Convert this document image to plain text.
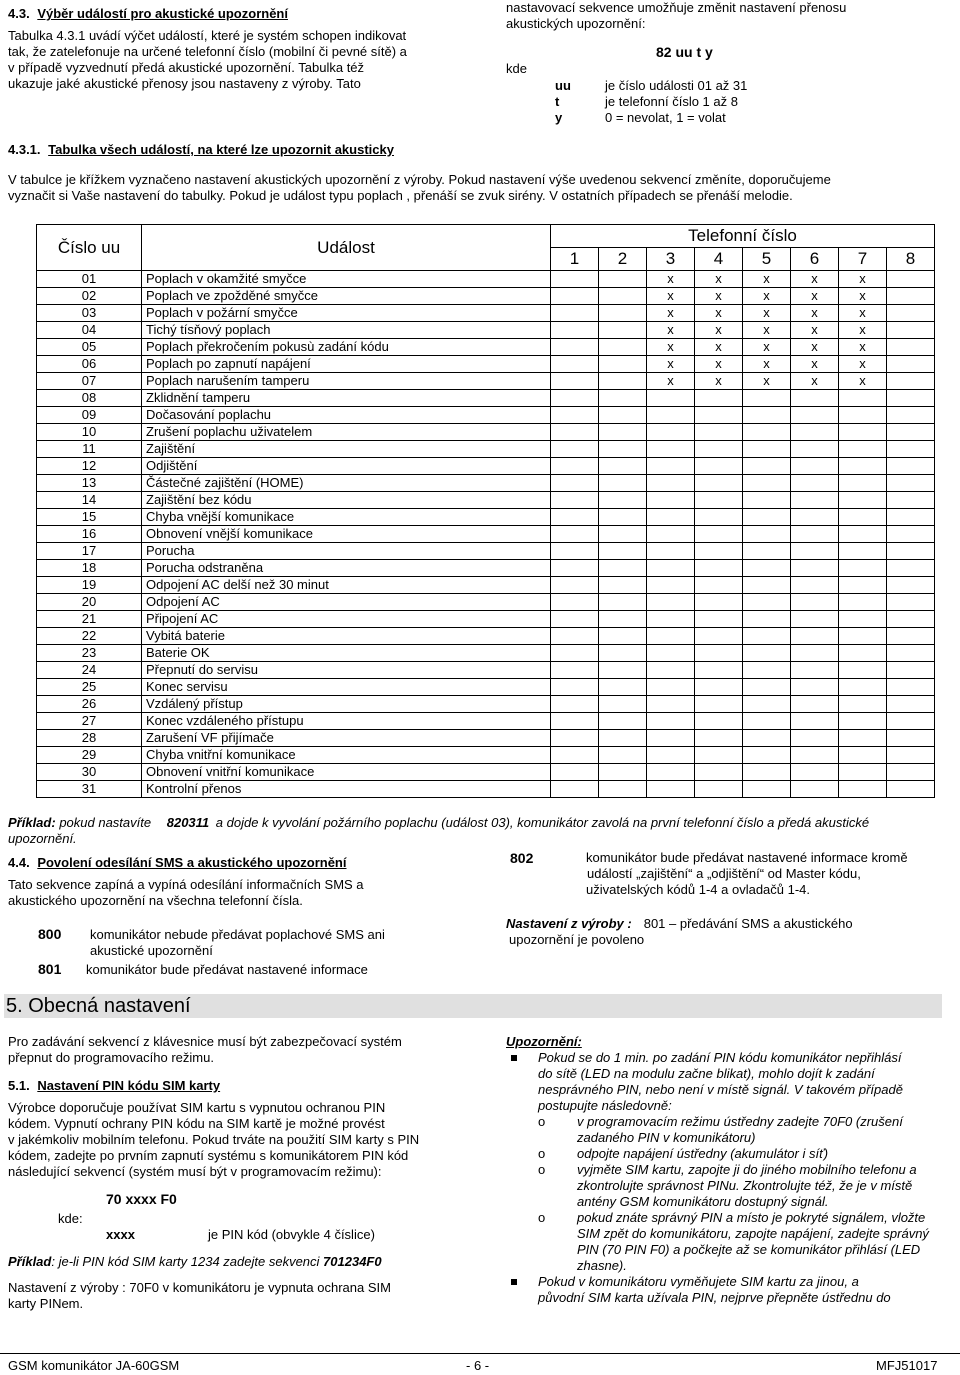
4.3. Výběr událostí pro akustické upozornění

Tabulka 4.3.1 uvádí výčet událostí, které je systém schopen indikovat

tak, že zatelefonuje na určené telefonní číslo (mobilní či pevné sítě) a

v případě vyzvednutí předá akustické upozornění. Tabulka též

ukazuje jaké akustické přenosy jsou nastaveny z výroby. Tato

nastavovací sekvence umožňuje změnit nastavení přenosu

akustických upozornění:

82 uu t y
kde
uu	je číslo události 01 až 31
t	je telefonní číslo 1 až 8
y	0 = nevolat, 1 = volat
4.3.1. Tabulka všech událostí, na které lze upozornit akusticky

V tabulce je křížkem vyznačeno nastavení akustických upozornění z výroby. Pokud nastavení výše uvedenou sekvencí změníte, doporučujeme

vyznačit si Vaše nastavení do tabulky. Pokud je událost typu poplach , přenáší se zvuk sirény. V ostatních případech se přenáší melodie.

Číslo uu	Událost	Telefonní číslo							
		1	2	3	4	5	6	7	8
01	Poplach v okamžité smyčce			x	x	x	x	x	
02	Poplach ve zpožděné smyčce			x	x	x	x	x	
03	Poplach v požární smyčce			x	x	x	x	x	
04	Tichý tísňový poplach			x	x	x	x	x	
05	Poplach překročením pokusù zadání kódu			x	x	x	x	x	
06	Poplach po zapnutí napájení			x	x	x	x	x	
07	Poplach narušením tamperu			x	x	x	x	x	
08	Zklidnění tamperu								
09	Dočasování poplachu								
10	Zrušení poplachu uživatelem								
11	Zajištění								
12	Odjištění								
13	Částečné zajištění (HOME)								
14	Zajištění bez kódu								
15	Chyba vnější komunikace								
16	Obnovení vnější komunikace								
17	Porucha								
18	Porucha odstraněna								
19	Odpojení AC delší než 30 minut								
20	Odpojení AC								
21	Připojení AC								
22	Vybitá baterie								
23	Baterie OK								
24	Přepnutí do servisu								
25	Konec servisu								
26	Vzdálený přístup								
27	Konec vzdáleného přístupu								
28	Zarušení VF přijímače								
29	Chyba vnitřní komunikace								
30	Obnovení vnitřní komunikace								
31	Kontrolní přenos								
Příklad: pokud nastavíte 820311 a dojde k vyvolání požárního poplachu (událost 03), komunikátor zavolá na první telefonní číslo a předá akustické
upozornění.
4.4. Povolení odesílání SMS a akustického upozornění

Tato sekvence zapíná a vypíná odesílání informačních SMS a

akustického upozornění na všechna telefonní čísla.

800 komunikátor nebude předávat poplachové SMS ani

akustické upozornění

801 komunikátor bude předávat nastavené informace
802	komunikátor bude předávat nastavené informace kromě

událostí „zajištění“ a „odjištění“ od Master kódu,

uživatelských kódů 1-4 a ovladačů 1-4.

Nastavení z výroby : 801 – předávání SMS a akustického

upozornění je povoleno

5. Obecná nastavení

Pro zadávání sekvencí z klávesnice musí být zabezpečovací systém

přepnut do programovacího režimu.

5.1. Nastavení PIN kódu SIM karty

Výrobce doporučuje používat SIM kartu s vypnutou ochranou PIN

kódem. Vypnutí ochrany PIN kódu na SIM kartě je možné provést

v jakémkoliv mobilním telefonu. Pokud trváte na použití SIM karty s PIN

kódem, zadejte po prvním zapnutí systému s komunikátorem PIN kód

následující sekvencí (systém musí být v programovacím režimu):

70 xxxx F0
kde:
xxxx	je PIN kód (obvykle 4 číslice)
Příklad: je-li PIN kód SIM karty 1234 zadejte sekvenci 701234F0

Nastavení z výroby : 70F0 v komunikátoru je vypnuta ochrana SIM

karty PINem.

Upozornění:

Pokud se do 1 min. po zadání PIN kódu komunikátor nepřihlásí

do sítě (LED na modulu začne blikat), mohlo dojít k zadání

nesprávného PIN, nebo není v místě signál. V takovém případě

postupujte následovně:

o v programovacím režimu ústředny zadejte 70F0 (zrušení

zadaného PIN v komunikátoru)

o odpojte napájení ústředny (akumulátor i síť)

o vyjměte SIM kartu, zapojte ji do jiného mobilního telefonu a

zkontrolujte správnost PINu. Zkontrolujte též, že je v místě

antény GSM komunikátoru dostupný signál.

o pokud znáte správný PIN a místo je pokryté signálem, vložte

SIM zpět do komunikátoru, zapojte napájení, zadejte správný

PIN (70 PIN F0) a počkejte až se komunikátor přihlásí (LED

zhasne).

Pokud v komunikátoru vyměňujete SIM kartu za jinou, a

původní SIM karta užívala PIN, nejprve přepněte ústřednu do

GSM komunikátor JA-60GSM	- 6 -	MFJ51017
